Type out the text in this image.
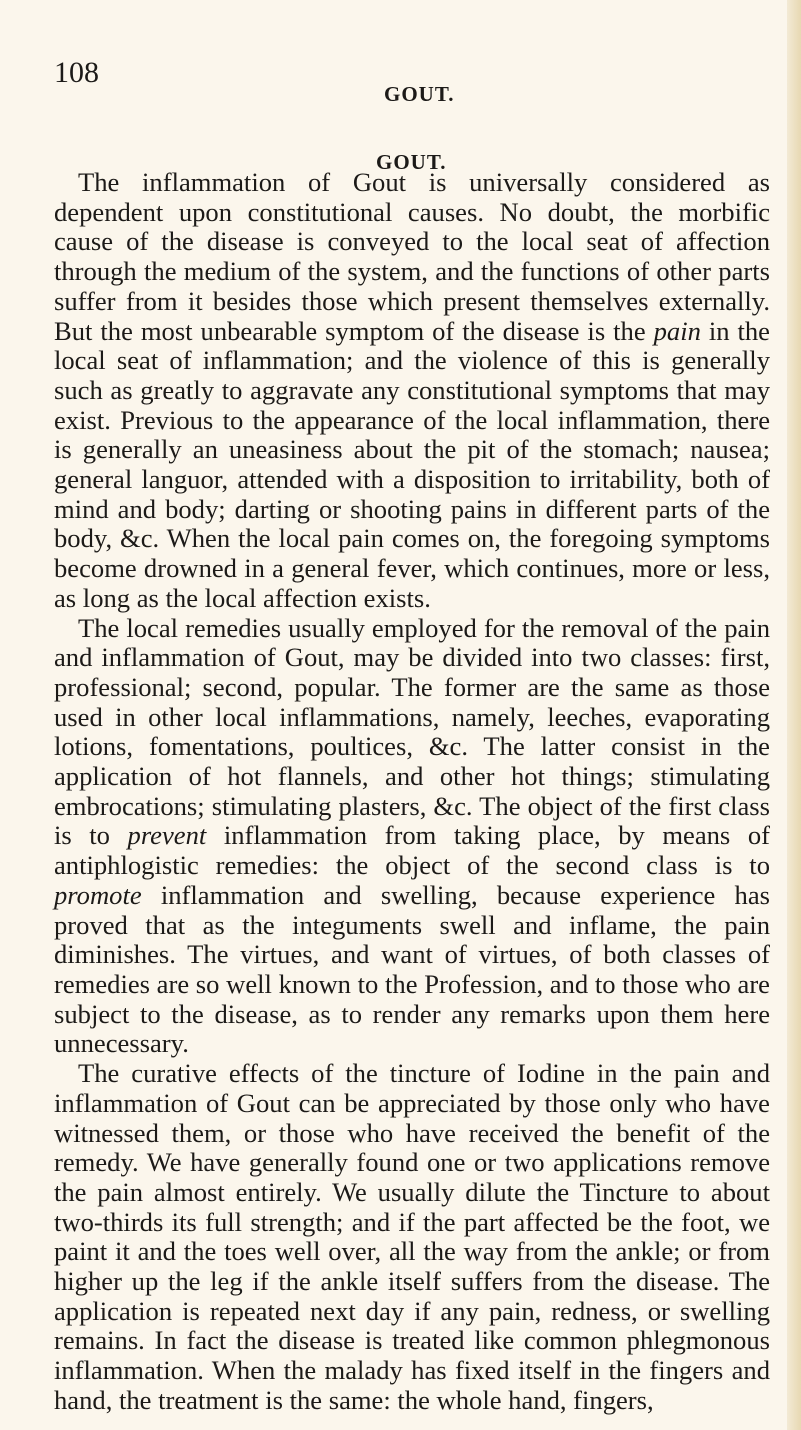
108
GOUT.
GOUT.

The inflammation of Gout is universally considered as dependent upon constitutional causes. No doubt, the morbific cause of the disease is conveyed to the local seat of affection through the medium of the system, and the functions of other parts suffer from it besides those which present themselves externally. But the most unbearable symptom of the disease is the pain in the local seat of inflammation; and the violence of this is generally such as greatly to aggravate any constitutional symptoms that may exist. Previous to the appearance of the local inflammation, there is generally an uneasiness about the pit of the stomach; nausea; general languor, attended with a disposition to irritability, both of mind and body; darting or shooting pains in different parts of the body, &c. When the local pain comes on, the foregoing symptoms become drowned in a general fever, which continues, more or less, as long as the local affection exists.

The local remedies usually employed for the removal of the pain and inflammation of Gout, may be divided into two classes: first, professional; second, popular. The former are the same as those used in other local inflammations, namely, leeches, evaporating lotions, fomentations, poultices, &c. The latter consist in the application of hot flannels, and other hot things; stimulating embrocations; stimulating plasters, &c. The object of the first class is to prevent inflammation from taking place, by means of antiphlogistic remedies: the object of the second class is to promote inflammation and swelling, because experience has proved that as the integuments swell and inflame, the pain diminishes. The virtues, and want of virtues, of both classes of remedies are so well known to the Profession, and to those who are subject to the disease, as to render any remarks upon them here unnecessary.

The curative effects of the tincture of Iodine in the pain and inflammation of Gout can be appreciated by those only who have witnessed them, or those who have received the benefit of the remedy. We have generally found one or two applications remove the pain almost entirely. We usually dilute the Tincture to about two-thirds its full strength; and if the part affected be the foot, we paint it and the toes well over, all the way from the ankle; or from higher up the leg if the ankle itself suffers from the disease. The application is repeated next day if any pain, redness, or swelling remains. In fact the disease is treated like common phlegmonous inflammation. When the malady has fixed itself in the fingers and hand, the treatment is the same: the whole hand, fingers,
